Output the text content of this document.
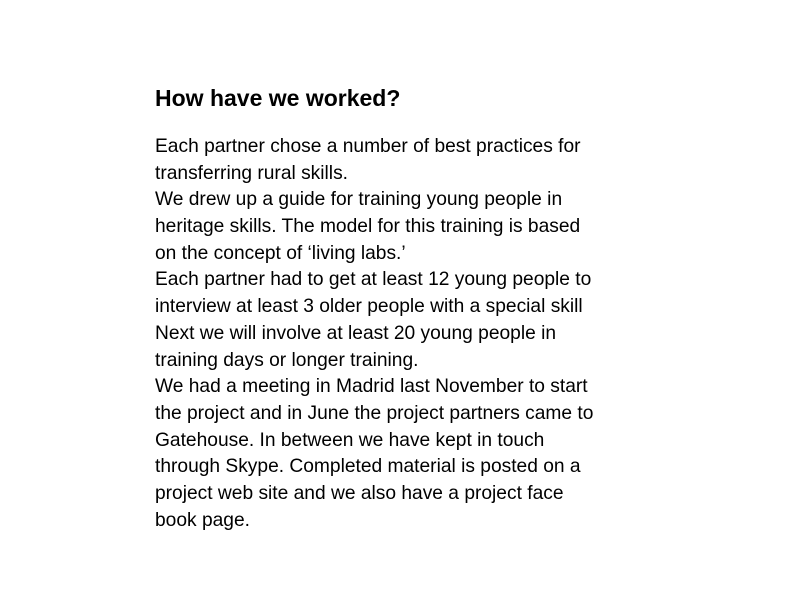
How have we worked?
Each partner chose a number of best practices for
transferring rural skills.
We drew up a guide for training young people in
heritage skills. The model for this training is based
on the concept of ‘living labs.’
Each partner had to get at least 12 young people to
interview at least 3 older people with a special skill
Next we will involve at least 20 young people in
training days or longer training.
We had a meeting in Madrid last November to start
the project and in June the project partners came to
Gatehouse. In between we have kept in touch
through Skype. Completed material is posted on a
project web site and we also have a project face
book page.
